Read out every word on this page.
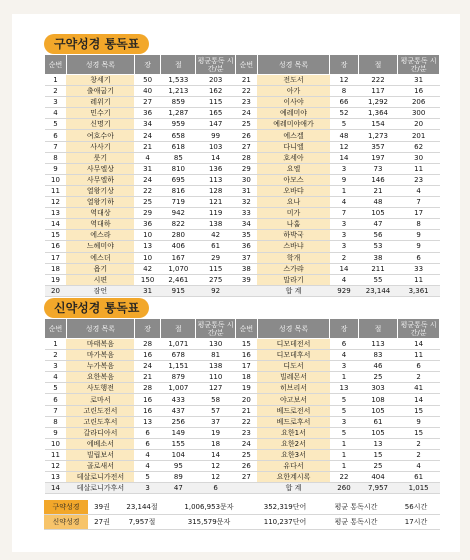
구약성경 통독표
순번	성경 목록	장	절	평균통독 시간/분	순번	성경 목록	장	절	평균통독 시간/분
1	창세기	50	1,533	203	21	전도서	12	222	31
2	출애굽기	40	1,213	162	22	아가	8	117	16
3	레위기	27	859	115	23	이사야	66	1,292	206
4	민수기	36	1,287	165	24	예레미야	52	1,364	300
5	신명기	34	959	147	25	예레미야애가	5	154	20
6	여호수아	24	658	99	26	에스겔	48	1,273	201
7	사사기	21	618	103	27	다니엘	12	357	62
8	룻기	4	85	14	28	호세아	14	197	30
9	사무엘상	31	810	136	29	요엘	3	73	11
10	사무엘하	24	695	113	30	아모스	9	146	23
11	열왕기상	22	816	128	31	오바댜	1	21	4
12	열왕기하	25	719	121	32	요나	4	48	7
13	역대상	29	942	119	33	미가	7	105	17
14	역대하	36	822	138	34	나훔	3	47	8
15	에스라	10	280	42	35	하박국	3	56	9
16	느헤미야	13	406	61	36	스바냐	3	53	9
17	에스더	10	167	29	37	학개	2	38	6
18	욥기	42	1,070	115	38	스가랴	14	211	33
19	시편	150	2,461	275	39	말라기	4	55	11
20	잠언	31	915	92		합 계	929	23,144	3,361
신약성경 통독표
순번	성경 목록	장	절	평균통독 시간/분	순번	성경 목록	장	절	평균통독 시간/분
1	마태복음	28	1,071	130	15	디모데전서	6	113	14
2	마가복음	16	678	81	16	디모데후서	4	83	11
3	누가복음	24	1,151	138	17	디도서	3	46	6
4	요한복음	21	879	110	18	빌레몬서	1	25	2
5	사도행전	28	1,007	127	19	히브리서	13	303	41
6	로마서	16	433	58	20	야고보서	5	108	14
7	고린도전서	16	437	57	21	베드로전서	5	105	15
8	고린도후서	13	256	37	22	베드로후서	3	61	9
9	갈라디아서	6	149	19	23	요한1서	5	105	15
10	에베소서	6	155	18	24	요한2서	1	13	2
11	빌립보서	4	104	14	25	요한3서	1	15	2
12	골로새서	4	95	12	26	유다서	1	25	4
13	데살로니가전서	5	89	12	27	요한계시록	22	404	61
14	데살로니가후서	3	47	6		합 계	260	7,957	1,015
구약성경	39권	23,144절	1,006,953문자	352,319단어	평균 통독시간	56시간
신약성경	27권	7,957절	315,579문자	110,237단어	평균 통독시간	17시간
